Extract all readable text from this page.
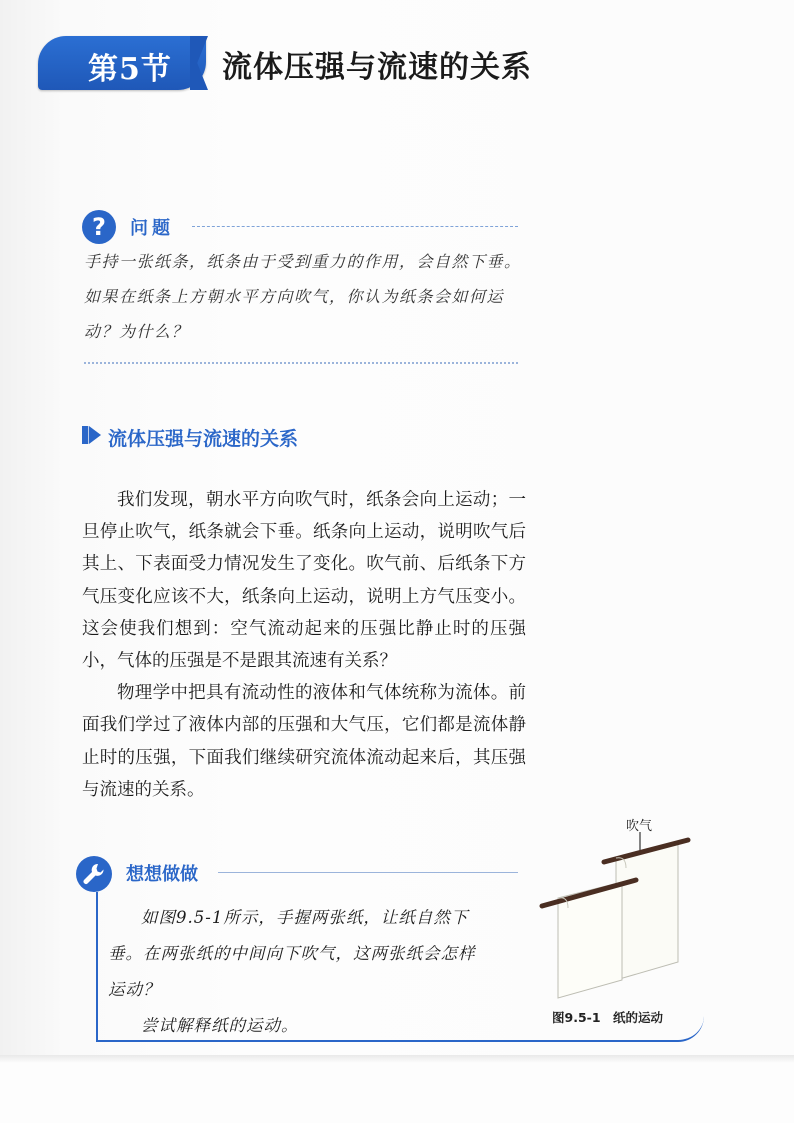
第5节 流体压强与流速的关系
?	问题
手持一张纸条，纸条由于受到重力的作用，会自然下垂。如果在纸条上方朝水平方向吹气，你认为纸条会如何运动？为什么？
流体压强与流速的关系

我们发现，朝水平方向吹气时，纸条会向上运动；一旦停止吹气，纸条就会下垂。纸条向上运动，说明吹气后其上、下表面受力情况发生了变化。吹气前、后纸条下方气压变化应该不大，纸条向上运动，说明上方气压变小。这会使我们想到：空气流动起来的压强比静止时的压强小，气体的压强是不是跟其流速有关系？

物理学中把具有流动性的液体和气体统称为流体。前面我们学过了液体内部的压强和大气压，它们都是流体静止时的压强，下面我们继续研究流体流动起来后，其压强与流速的关系。

吹气
图9.5-1　纸的运动
想想做做

如图9.5-1所示，手握两张纸，让纸自然下垂。在两张纸的中间向下吹气，这两张纸会怎样运动？

尝试解释纸的运动。
